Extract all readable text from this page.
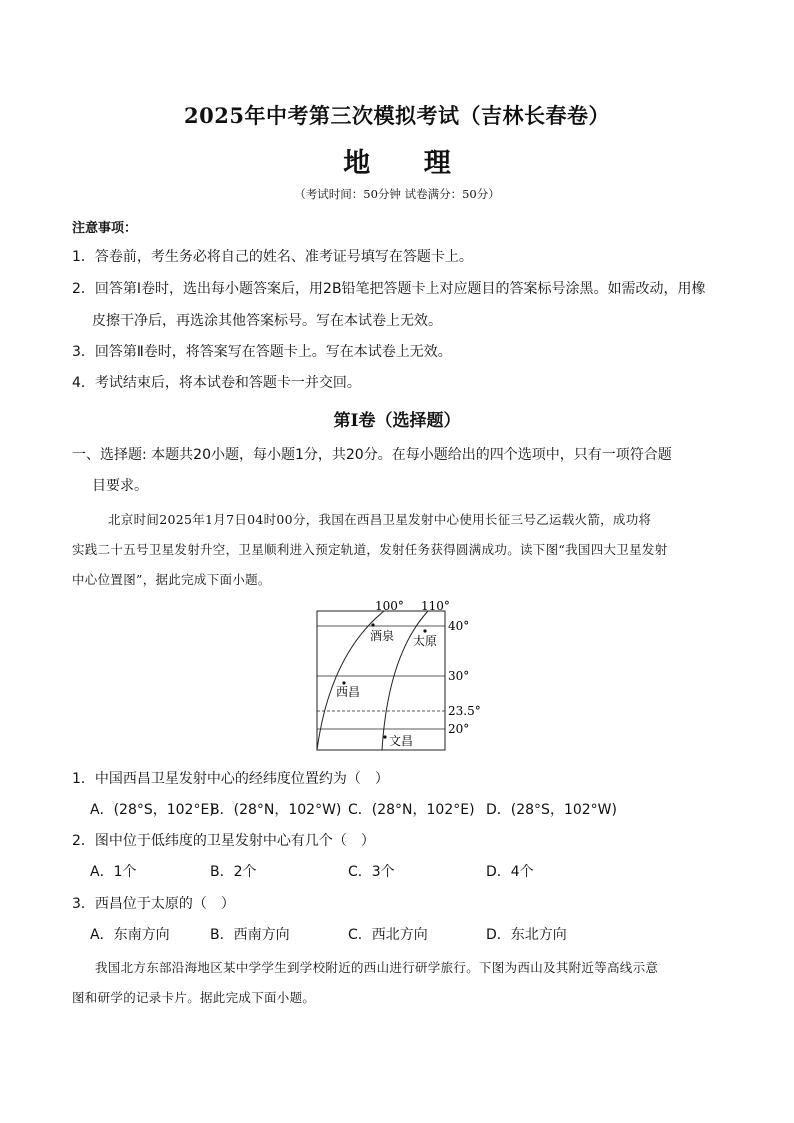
2025年中考第三次模拟考试（吉林长春卷）
地 理
（考试时间：50分钟 试卷满分：50分）
注意事项：
1．答卷前，考生务必将自己的姓名、准考证号填写在答题卡上。
2．回答第Ⅰ卷时，选出每小题答案后，用2B铅笔把答题卡上对应题目的答案标号涂黑。如需改动，用橡
皮擦干净后，再选涂其他答案标号。写在本试卷上无效。
3．回答第Ⅱ卷时，将答案写在答题卡上。写在本试卷上无效。
4．考试结束后，将本试卷和答题卡一并交回。
第Ⅰ卷（选择题）
一、选择题: 本题共20小题，每小题1分，共20分。在每小题给出的四个选项中，只有一项符合题
目要求。
北京时间2025年1月7日04时00分，我国在西昌卫星发射中心使用长征三号乙运载火箭，成功将
实践二十五号卫星发射升空，卫星顺利进入预定轨道，发射任务获得圆满成功。读下图“我国四大卫星发射
中心位置图”，据此完成下面小题。
100° 110°
40°
30°
23.5°
20°
酒泉 太原
西昌
文昌
1．中国西昌卫星发射中心的经纬度位置约为（　）
A．(28°S，102°E)
B．(28°N，102°W) C．(28°N，102°E) D．(28°S，102°W)
2．图中位于低纬度的卫星发射中心有几个（　）
A．1个	B．2个	C．3个	D．4个
3．西昌位于太原的（　）
A．东南方向	B．西南方向	C．西北方向	D．东北方向
我国北方东部沿海地区某中学学生到学校附近的西山进行研学旅行。下图为西山及其附近等高线示意
图和研学的记录卡片。据此完成下面小题。
